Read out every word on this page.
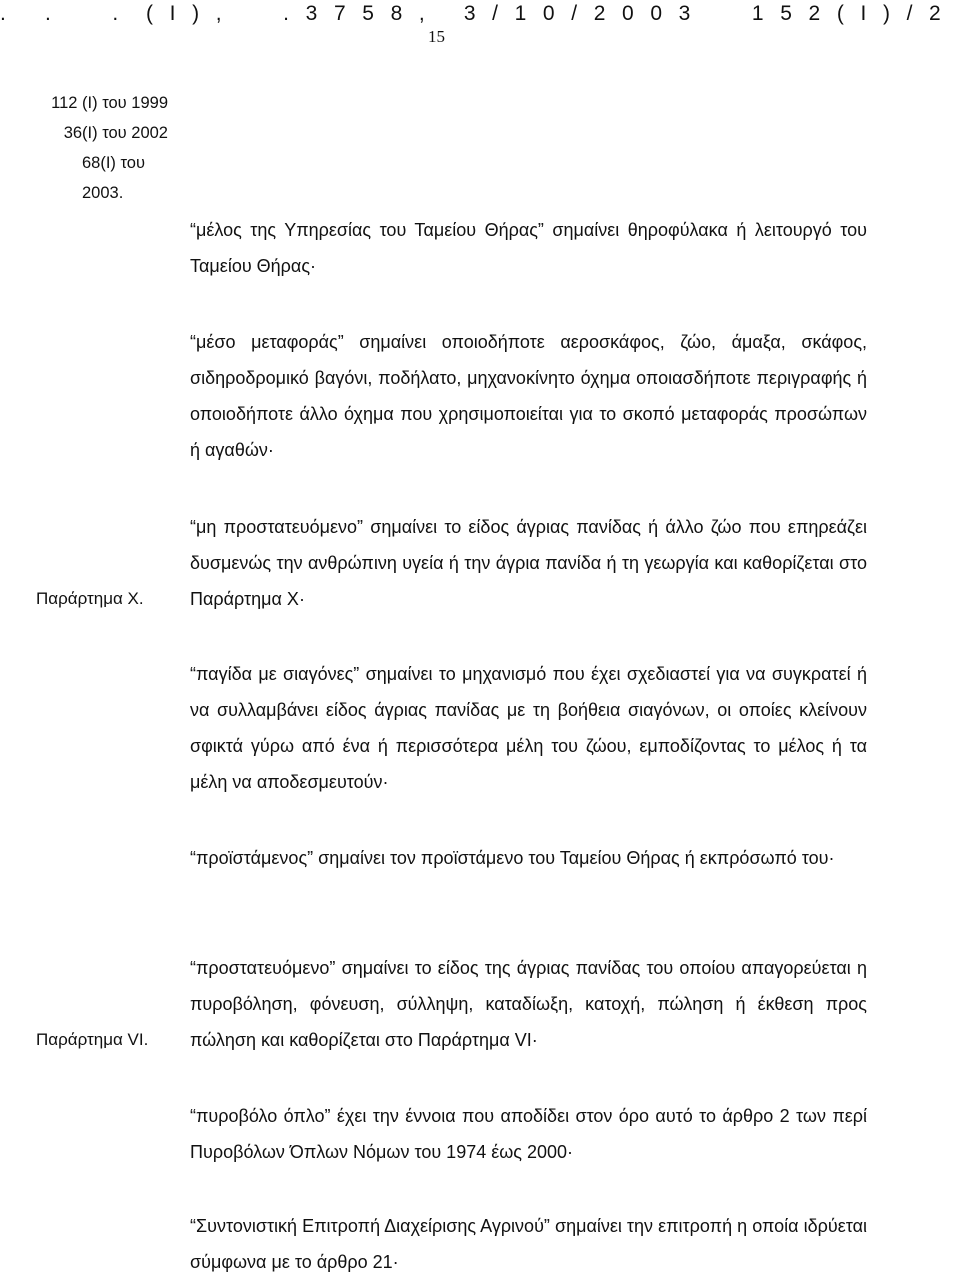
.   .     .  ( Ι ) ,     . 3 7 5 8 ,   3 / 1 0 / 2 0 0 3     1 5 2 ( Ι ) / 2
15
112 (Ι) του 1999
36(Ι) του 2002
68(Ι) του 2003.
Παράρτημα Χ.
Παράρτημα VI.

“μέλος της Υπηρεσίας του Ταμείου Θήρας” σημαίνει θηροφύλακα ή λειτουργό του Ταμείου Θήρας·

“μέσο μεταφοράς” σημαίνει οποιοδήποτε αεροσκάφος, ζώο, άμαξα, σκάφος, σιδηροδρομικό βαγόνι, ποδήλατο, μηχανοκίνητο όχημα οποιασδήποτε περιγραφής ή οποιοδήποτε άλλο όχημα που χρησιμοποιείται για το σκοπό μεταφοράς προσώπων ή αγαθών·

“μη προστατευόμενο” σημαίνει το είδος άγριας πανίδας ή άλλο ζώο που επηρεάζει δυσμενώς την ανθρώπινη υγεία ή την άγρια πανίδα ή τη γεωργία και καθορίζεται στο Παράρτημα Χ·

“παγίδα με σιαγόνες” σημαίνει το μηχανισμό που έχει σχεδιαστεί για να συγκρατεί ή να συλλαμβάνει είδος άγριας πανίδας με τη βοήθεια σιαγόνων, οι οποίες κλείνουν σφικτά γύρω από ένα ή περισσότερα μέλη του ζώου, εμποδίζοντας το μέλος ή τα μέλη να αποδεσμευτούν·

“προϊστάμενος” σημαίνει τον προϊστάμενο του Ταμείου Θήρας ή εκπρόσωπό του·

“προστατευόμενο” σημαίνει το είδος της άγριας πανίδας του οποίου απαγορεύεται η πυροβόληση, φόνευση, σύλληψη, καταδίωξη, κατοχή, πώληση ή έκθεση προς πώληση και καθορίζεται στο Παράρτημα VI·

“πυροβόλο όπλο” έχει την έννοια που αποδίδει στον όρο αυτό το άρθρο 2 των περί Πυροβόλων Όπλων Νόμων του 1974 έως 2000·

“Συντονιστική Επιτροπή Διαχείρισης Αγρινού” σημαίνει την επιτροπή η οποία ιδρύεται σύμφωνα με το άρθρο 21·
